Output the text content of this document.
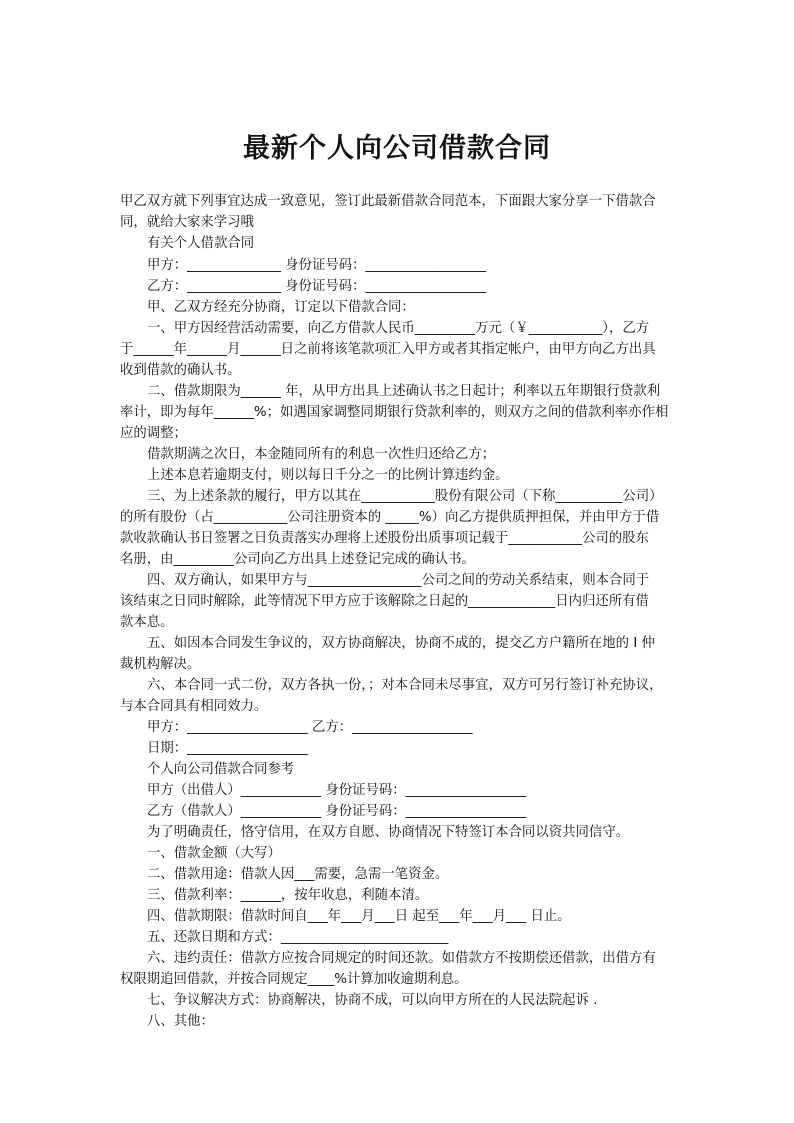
最新个人向公司借款合同
甲乙双方就下列事宜达成一致意见，签订此最新借款合同范本，下面跟大家分享一下借款合
同，就给大家来学习哦
有关个人借款合同
甲方：______________ 身份证号码：__________________
乙方：______________ 身份证号码：__________________
甲、乙双方经充分协商，订定以下借款合同：
一、甲方因经营活动需要，向乙方借款人民币_________万元（￥___________），乙方
于______年______月______日之前将该笔款项汇入甲方或者其指定帐户，由甲方向乙方出具
收到借款的确认书。
二、借款期限为______ 年，从甲方出具上述确认书之日起计；利率以五年期银行贷款利
率计，即为每年______%；如遇国家调整同期银行贷款利率的，则双方之间的借款利率亦作相
应的调整；
借款期满之次日，本金随同所有的利息一次性归还给乙方；
上述本息若逾期支付，则以每日千分之一的比例计算违约金。
三、为上述条款的履行，甲方以其在___________股份有限公司（下称__________公司）
的所有股份（占___________公司注册资本的 _____%）向乙方提供质押担保，并由甲方于借
款收款确认书日签署之日负责落实办理将上述股份出质事项记载于___________公司的股东
名册，由_________公司向乙方出具上述登记完成的确认书。
四、双方确认，如果甲方与_________________公司之间的劳动关系结束，则本合同于
该结束之日同时解除，此等情况下甲方应于该解除之日起的_____________日内归还所有借
款本息。
五、如因本合同发生争议的，双方协商解决，协商不成的，提交乙方户籍所在地的 I 仲
裁机构解决。
六、本合同一式二份，双方各执一份，；对本合同未尽事宜，双方可另行签订补充协议，
与本合同具有相同效力。
甲方：__________________ 乙方：__________________
日期：__________________
个人向公司借款合同参考
甲方（出借人）____________ 身份证号码：__________________
乙方（借款人）____________ 身份证号码：__________________
为了明确责任，恪守信用，在双方自愿、协商情况下特签订本合同以资共同信守。
一、借款金额（大写）
二、借款用途：借款人因___需要，急需一笔资金。
三、借款利率：______，按年收息，利随本清。
四、借款期限：借款时间自___年___月___日 起至___年___月___ 日止。
五、还款日期和方式：_________________________
六、违约责任：借款方应按合同规定的时间还款。如借款方不按期偿还借款，出借方有
权限期追回借款，并按合同规定____%计算加收逾期利息。
七、争议解决方式：协商解决，协商不成，可以向甲方所在的人民法院起诉 .
八、其他：
